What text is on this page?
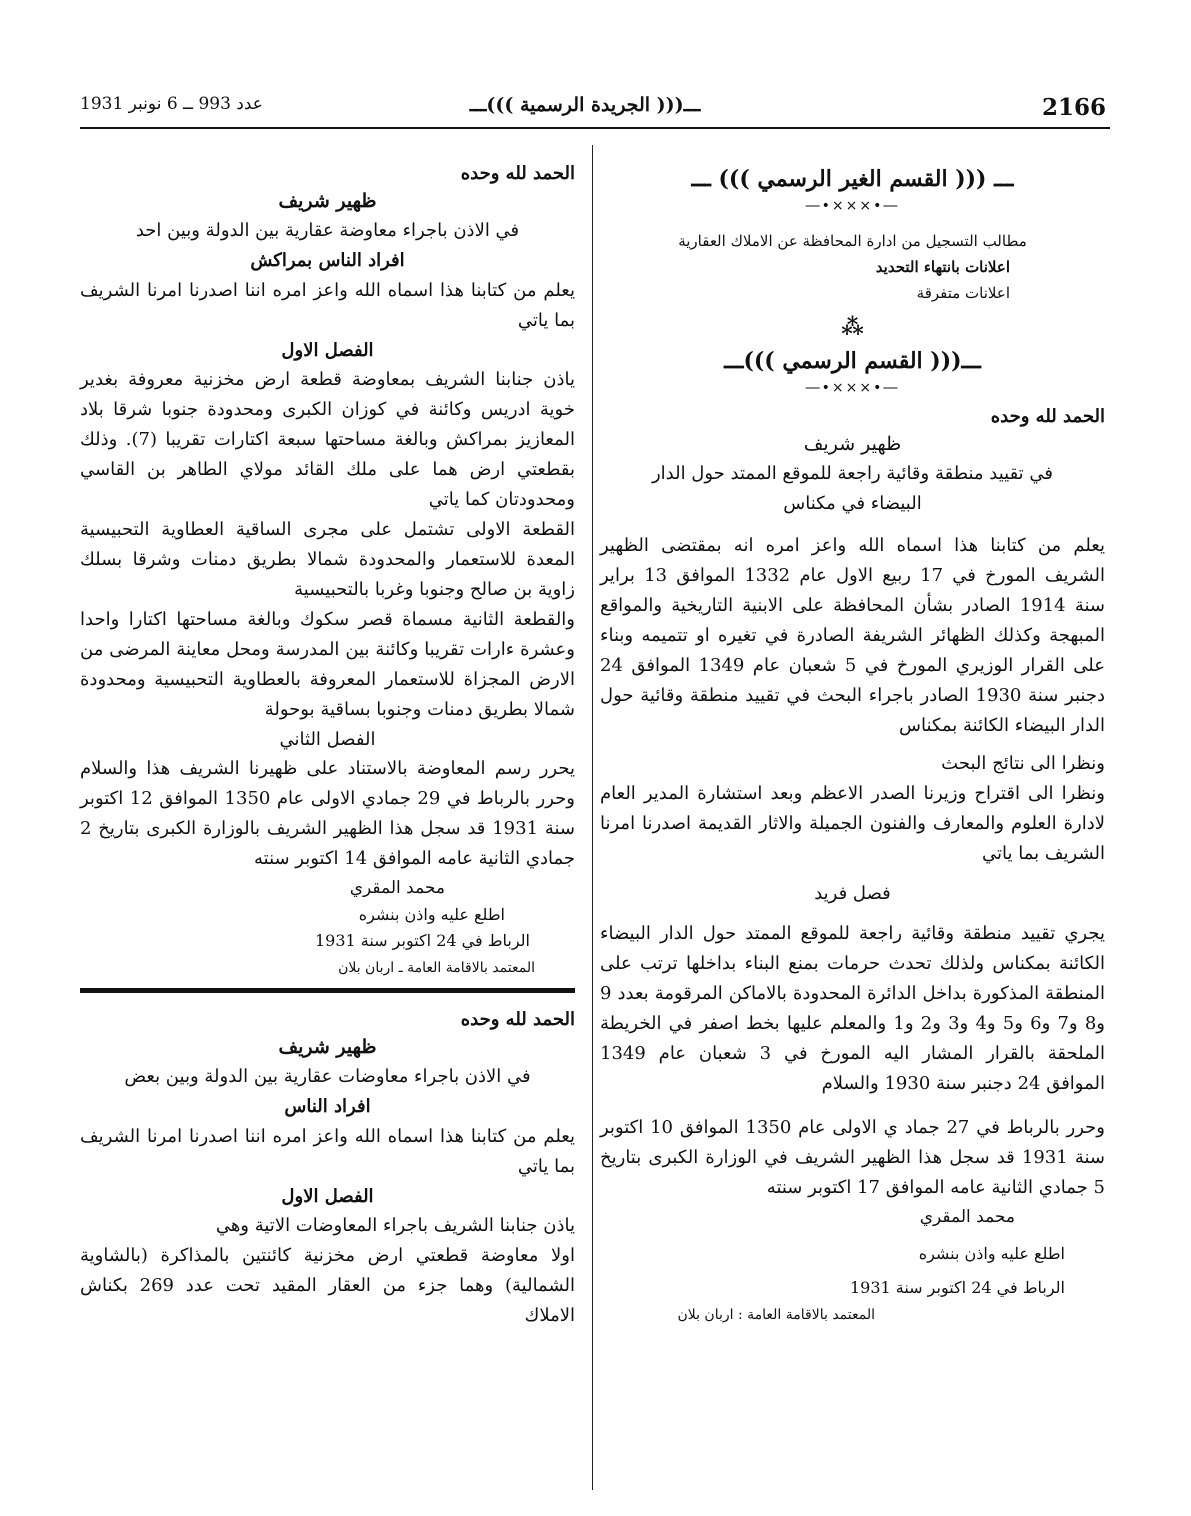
2166
ـــ((( الجريدة الرسمية )))ـــ
عدد 993 ــ 6 نونبر 1931
ـــ ((( القسم الغير الرسمي ))) ـــ
―•×××•―

مطالب التسجيل من ادارة المحافظة عن الاملاك العقارية

اعلانات بانتهاء التحديد

اعلانات متفرقة

⁂
ـــ((( القسم الرسمي )))ـــ
―•×××•―
الحمد لله وحده
ظهير شريف

في تقييد منطقة وقائية راجعة للموقع الممتد حول الدار البيضاء في مكناس

يعلم من كتابنا هذا اسماه الله واعز امره انه بمقتضى الظهير الشريف المورخ في 17 ربيع الاول عام 1332 الموافق 13 براير سنة 1914 الصادر بشأن المحافظة على الابنية التاريخية والمواقع المبهجة وكذلك الظهائر الشريفة الصادرة في تغيره او تتميمه وبناء على القرار الوزيري المورخ في 5 شعبان عام 1349 الموافق 24 دجنبر سنة 1930 الصادر باجراء البحث في تقييد منطقة وقائية حول الدار البيضاء الكائنة بمكناس

ونظرا الى نتائج البحث

ونظرا الى اقتراح وزيرنا الصدر الاعظم وبعد استشارة المدير العام لادارة العلوم والمعارف والفنون الجميلة والاثار القديمة اصدرنا امرنا الشريف بما ياتي

فصل فريد

يجري تقييد منطقة وقائية راجعة للموقع الممتد حول الدار البيضاء الكائنة بمكناس ولذلك تحدث حرمات بمنع البناء بداخلها ترتب على المنطقة المذكورة بداخل الدائرة المحدودة بالاماكن المرقومة بعدد 9 و8 و7 و6 و5 و4 و3 و2 و1 والمعلم عليها بخط اصفر في الخريطة الملحقة بالقرار المشار اليه المورخ في 3 شعبان عام 1349 الموافق 24 دجنبر سنة 1930 والسلام

وحرر بالرباط في 27 جماد ي الاولى عام 1350 الموافق 10 اكتوبر سنة 1931 قد سجل هذا الظهير الشريف في الوزارة الكبرى بتاريخ 5 جمادي الثانية عامه الموافق 17 اكتوبر سنته

محمد المقري

اطلع عليه واذن بنشره

الرباط في 24 اكتوبر سنة 1931

المعتمد بالاقامة العامة : اربان بلان

الحمد لله وحده
ظهير شريف

في الاذن باجراء معاوضة عقارية بين الدولة وبين احد

افراد الناس بمراكش

يعلم من كتابنا هذا اسماه الله واعز امره اننا اصدرنا امرنا الشريف بما ياتي

الفصل الاول

ياذن جنابنا الشريف بمعاوضة قطعة ارض مخزنية معروفة بغدير خوية ادريس وكائنة في كوزان الكبرى ومحدودة جنوبا شرقا بلاد المعازيز بمراكش وبالغة مساحتها سبعة اكتارات تقريبا (7). وذلك بقطعتي ارض هما على ملك القائد مولاي الطاهر بن القاسي ومحدودتان كما ياتي

القطعة الاولى تشتمل على مجرى الساقية العطاوية التحبيسية المعدة للاستعمار والمحدودة شمالا بطريق دمنات وشرقا بسلك زاوية بن صالح وجنوبا وغربا بالتحبيسية

والقطعة الثانية مسماة قصر سكوك وبالغة مساحتها اكتارا واحدا وعشرة ءارات تقريبا وكائنة بين المدرسة ومحل معاينة المرضى من الارض المجزاة للاستعمار المعروفة بالعطاوية التحبيسية ومحدودة شمالا بطريق دمنات وجنوبا بساقية بوحولة

الفصل الثاني

يحرر رسم المعاوضة بالاستناد على ظهيرنا الشريف هذا والسلام وحرر بالرباط في 29 جمادي الاولى عام 1350 الموافق 12 اكتوبر سنة 1931 قد سجل هذا الظهير الشريف بالوزارة الكبرى بتاريخ 2 جمادي الثانية عامه الموافق 14 اكتوبر سنته

محمد المقري

اطلع عليه واذن بنشره

الرباط في 24 اكتوبر سنة 1931

المعتمد بالاقامة العامة ـ اربان بلان

الحمد لله وحده
ظهير شريف

في الاذن باجراء معاوضات عقارية بين الدولة وبين بعض

افراد الناس

يعلم من كتابنا هذا اسماه الله واعز امره اننا اصدرنا امرنا الشريف بما ياتي

الفصل الاول

ياذن جنابنا الشريف باجراء المعاوضات الاتية وهي

اولا معاوضة قطعتي ارض مخزنية كائنتين بالمذاكرة (بالشاوية الشمالية) وهما جزء من العقار المقيد تحت عدد 269 بكناش الاملاك
